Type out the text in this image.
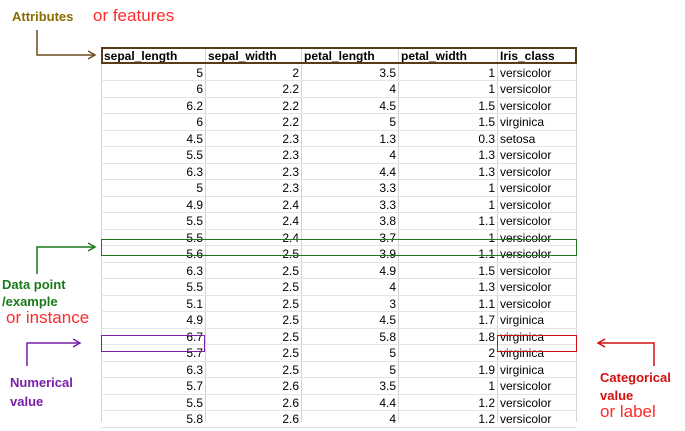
sepal_length	sepal_width	petal_length	petal_width	Iris_class
5	2	3.5	1 versicolor
6	2.2	4	1 versicolor
6.2	2.2	4.5	1.5 versicolor
6	2.2	5	1.5 virginica
4.5	2.3	1.3	0.3 setosa
5.5	2.3	4	1.3 versicolor
6.3	2.3	4.4	1.3 versicolor
5	2.3	3.3	1 versicolor
4.9	2.4	3.3	1 versicolor
5.5	2.4	3.8	1.1 versicolor
5.5	2.4	3.7	1 versicolor
5.6	2.5	3.9	1.1 versicolor
6.3	2.5	4.9	1.5 versicolor
5.5	2.5	4	1.3 versicolor
5.1	2.5	3	1.1 versicolor
4.9	2.5	4.5	1.7 virginica
6.7	2.5	5.8	1.8 virginica
5.7	2.5	5	2 virginica
6.3	2.5	5	1.9 virginica
5.7	2.6	3.5	1 versicolor
5.5	2.6	4.4	1.2 versicolor
5.8	2.6	4	1.2 versicolor
Attributes or features
Data point
/example
or instance
Numerical
value
Categorical
value
or label
